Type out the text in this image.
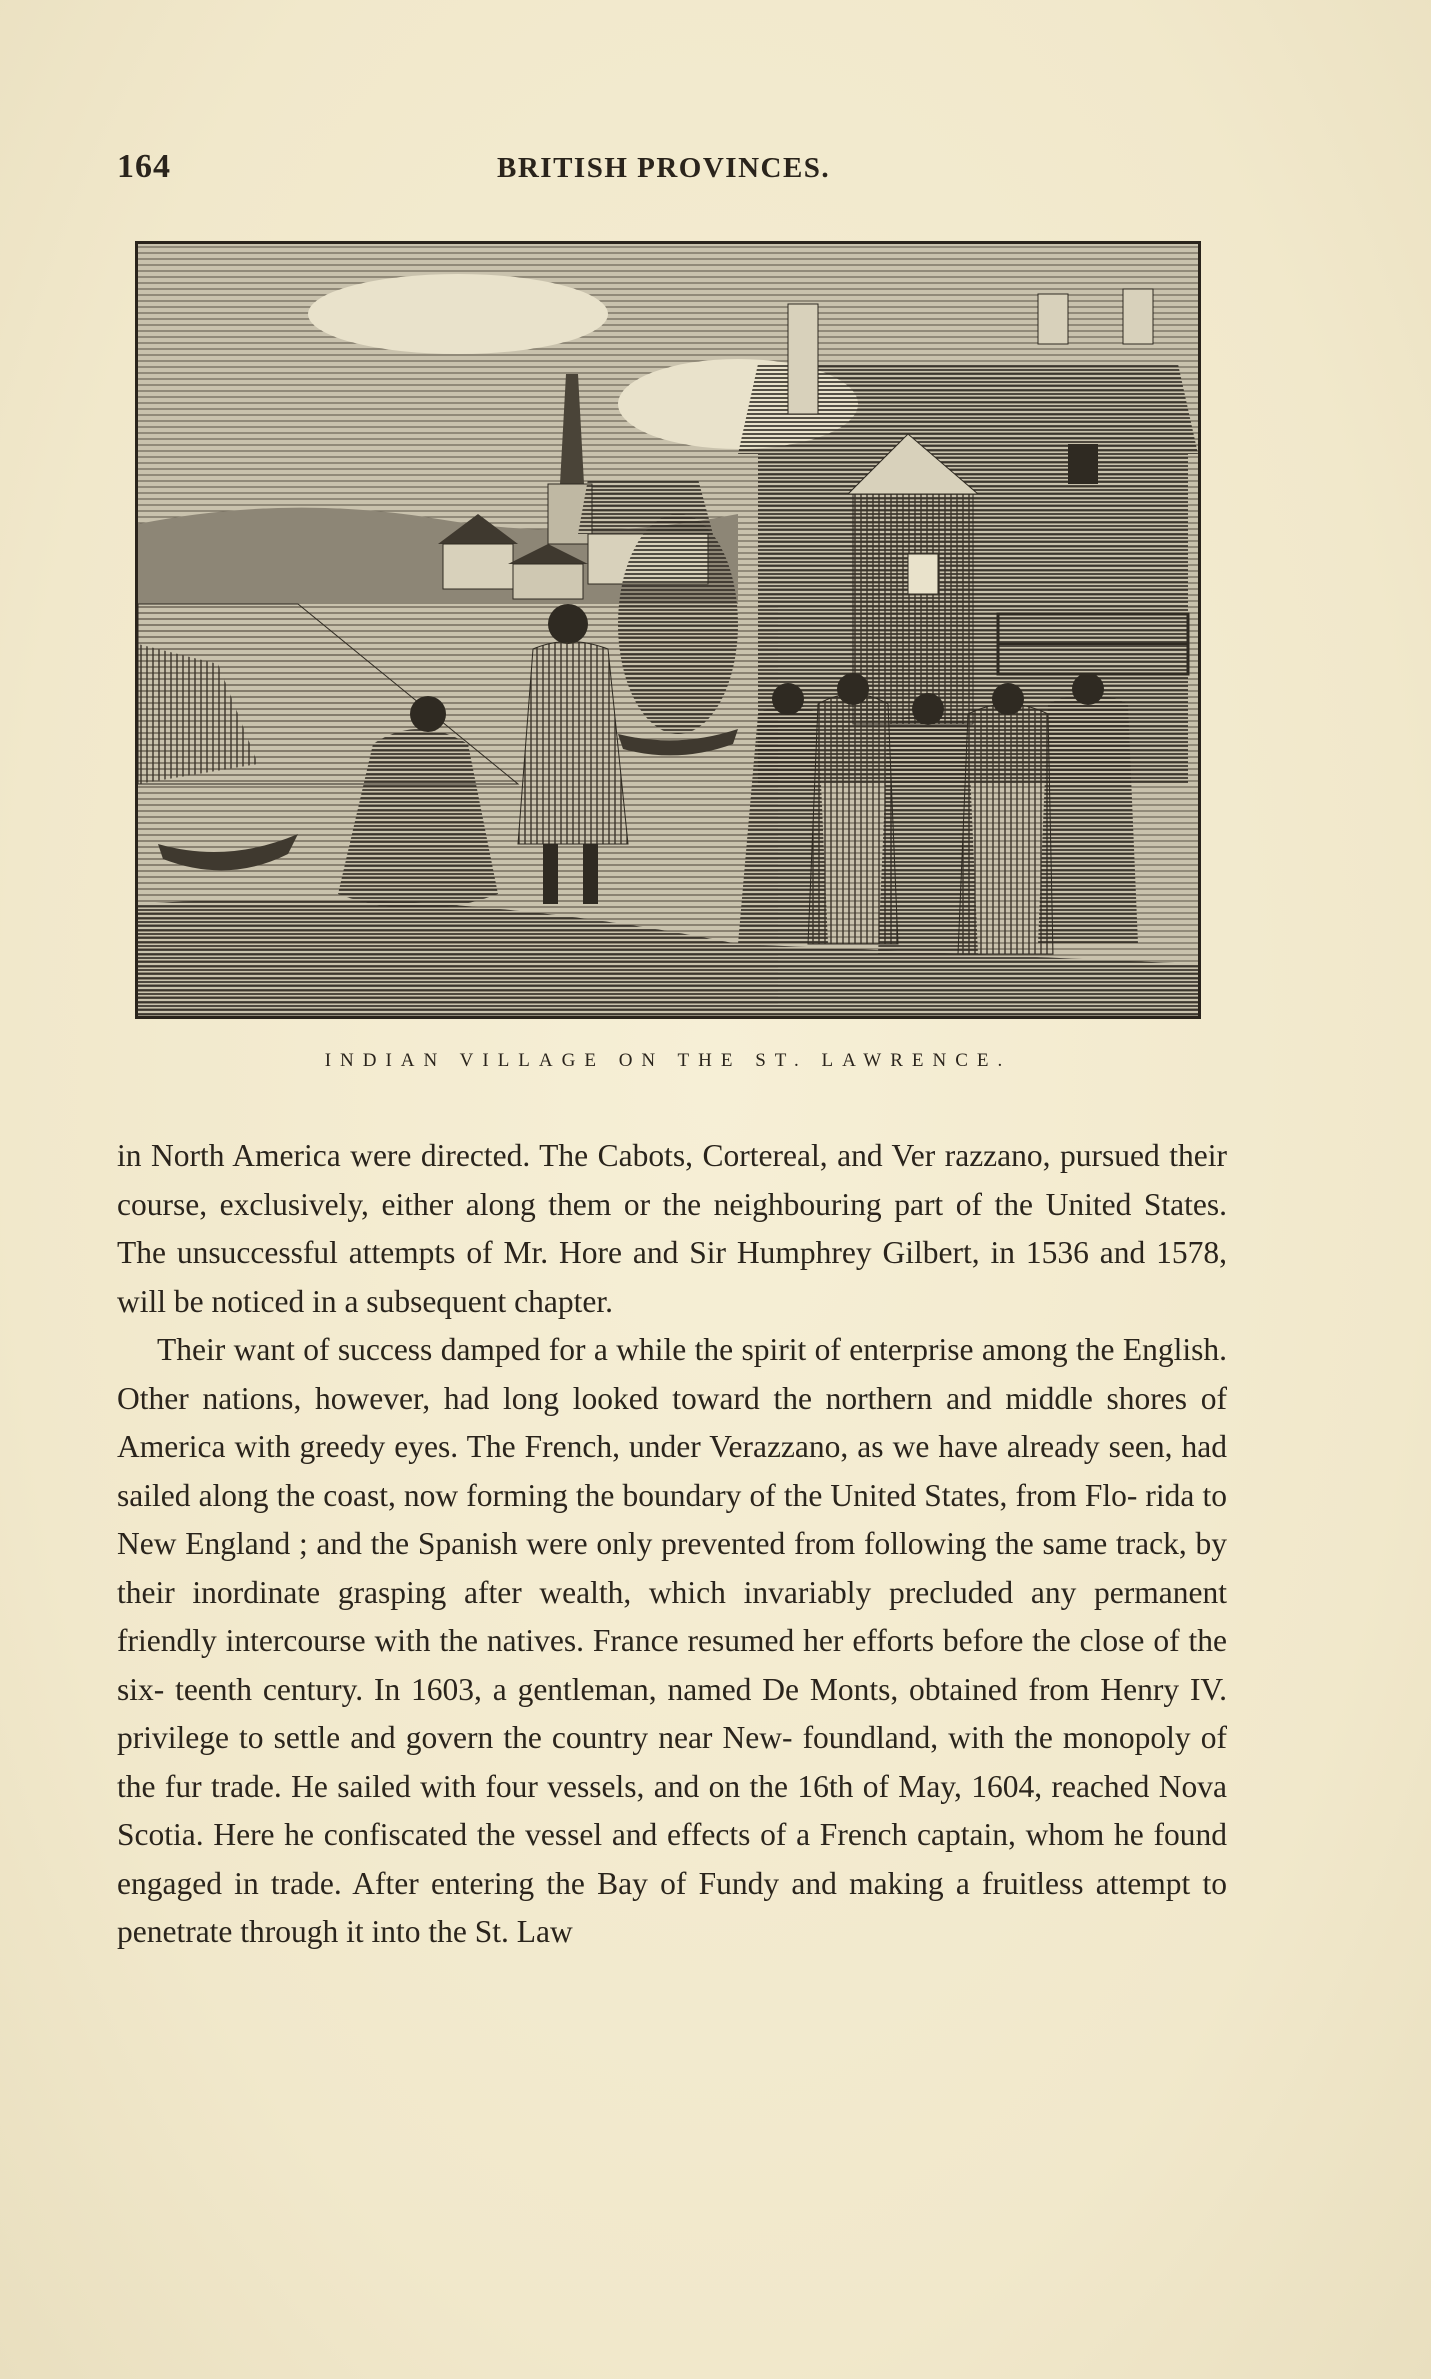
164	BRITISH PROVINCES.
INDIAN VILLAGE ON THE ST. LAWRENCE.

in North America were directed. The Cabots, Cortereal, and Ver razzano, pursued their course, exclusively, either along them or the neighbouring part of the United States. The unsuccessful attempts of Mr. Hore and Sir Humphrey Gilbert, in 1536 and 1578, will be noticed in a subsequent chapter.

Their want of success damped for a while the spirit of enterprise among the English. Other nations, however, had long looked toward the northern and middle shores of America with greedy eyes. The French, under Verazzano, as we have already seen, had sailed along the coast, now forming the boundary of the United States, from Flo- rida to New England ; and the Spanish were only prevented from following the same track, by their inordinate grasping after wealth, which invariably precluded any permanent friendly intercourse with the natives. France resumed her efforts before the close of the six- teenth century. In 1603, a gentleman, named De Monts, obtained from Henry IV. privilege to settle and govern the country near New- foundland, with the monopoly of the fur trade. He sailed with four vessels, and on the 16th of May, 1604, reached Nova Scotia. Here he confiscated the vessel and effects of a French captain, whom he found engaged in trade. After entering the Bay of Fundy and making a fruitless attempt to penetrate through it into the St. Law
